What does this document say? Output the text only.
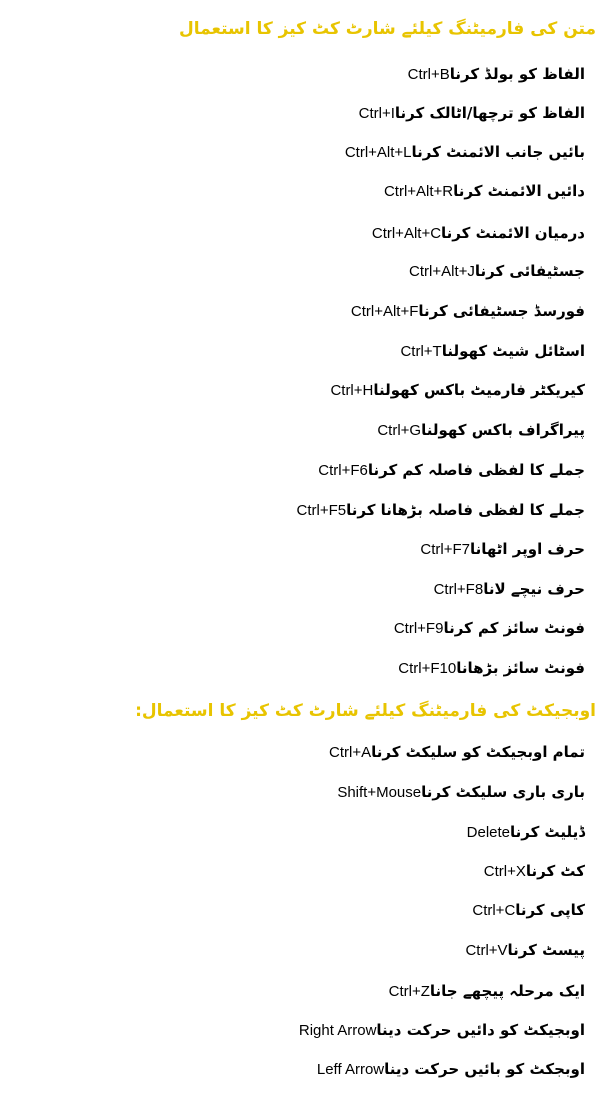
متن کی فارمیٹنگ کیلئے شارٹ کٹ کیز کا استعمال
الفاظ کو بولڈ کرناCtrl+B
الفاظ کو ترچھا/اٹالک کرناCtrl+I
بائیں جانب الائمنٹ کرناCtrl+Alt+L
دائیں الائمنٹ کرناCtrl+Alt+R
درمیان الائمنٹ کرناCtrl+Alt+C
جسٹیفائی کرناCtrl+Alt+J
فورسڈ جسٹیفائی کرناCtrl+Alt+F
اسٹائل شیٹ کھولناCtrl+T
کیریکٹر فارمیٹ باکس کھولناCtrl+H
پیراگراف باکس کھولناCtrl+G
جملے کا لفظی فاصلہ کم کرناCtrl+F6
جملے کا لفظی فاصلہ بڑھانا کرناCtrl+F5
حرف اوپر اٹھاناCtrl+F7
حرف نیچے لاناCtrl+F8
فونٹ سائز کم کرناCtrl+F9
فونٹ سائز بڑھاناCtrl+F10
اوبجیکٹ کی فارمیٹنگ کیلئے شارٹ کٹ کیز کا استعمال:
تمام اوبجیکٹ کو سلیکٹ کرناCtrl+A
باری باری سلیکٹ کرناShift+Mouse
ڈیلیٹ کرناDelete
کٹ کرناCtrl+X
کاپی کرناCtrl+C
پیسٹ کرناCtrl+V
ایک مرحلہ پیچھے جاناCtrl+Z
اوبجیکٹ کو دائیں حرکت دیناRight Arrow
اوبجکٹ کو بائیں حرکت دیناLeff Arrow
